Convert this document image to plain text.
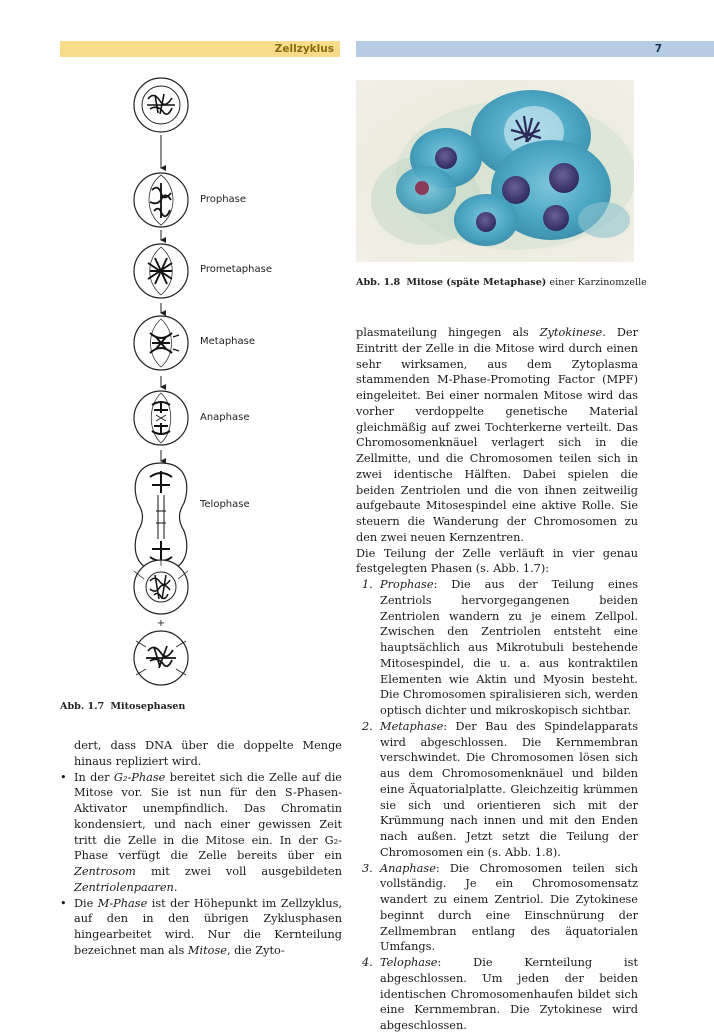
Zellzyklus	7
+
Prophase
Prometaphase
Metaphase
Anaphase
Telophase
Abb. 1.7 Mitosephasen
Abb. 1.8 Mitose (späte Metaphase) einer Karzinomzelle

dert, dass DNA über die doppelte Menge hinaus repliziert wird.

• In der G₂-Phase bereitet sich die Zelle auf die Mitose vor. Sie ist nun für den S-Phasen-Aktivator unempfindlich. Das Chromatin kondensiert, und nach einer gewissen Zeit tritt die Zelle in die Mitose ein. In der G₂-Phase verfügt die Zelle bereits über ein Zentrosom mit zwei voll ausgebildeten Zentriolenpaaren.
• Die M-Phase ist der Höhepunkt im Zellzyklus, auf den in den übrigen Zyklusphasen hingearbeitet wird. Nur die Kernteilung bezeichnet man als Mitose, die Zyto-

plasmateilung hingegen als Zytokinese. Der Eintritt der Zelle in die Mitose wird durch einen sehr wirksamen, aus dem Zytoplasma stammenden M-Phase-Promoting Factor (MPF) eingeleitet. Bei einer normalen Mitose wird das vorher verdoppelte genetische Material gleichmäßig auf zwei Tochterkerne verteilt. Das Chromosomenknäuel verlagert sich in die Zellmitte, und die Chromosomen teilen sich in zwei identische Hälften. Dabei spielen die beiden Zentriolen und die von ihnen zeitweilig aufgebaute Mitosespindel eine aktive Rolle. Sie steuern die Wanderung der Chromosomen zu den zwei neuen Kernzentren.

Die Teilung der Zelle verläuft in vier genau festgelegten Phasen (s. Abb. 1.7):

1. Prophase: Die aus der Teilung eines Zentriols hervorgegangenen beiden Zentriolen wandern zu je einem Zellpol. Zwischen den Zentriolen entsteht eine hauptsächlich aus Mikrotubuli bestehende Mitosespindel, die u. a. aus kontraktilen Elementen wie Aktin und Myosin besteht. Die Chromosomen spiralisieren sich, werden optisch dichter und mikroskopisch sichtbar.
2. Metaphase: Der Bau des Spindelapparats wird abgeschlossen. Die Kernmembran verschwindet. Die Chromosomen lösen sich aus dem Chromosomenknäuel und bilden eine Äquatorialplatte. Gleichzeitig krümmen sie sich und orientieren sich mit der Krümmung nach innen und mit den Enden nach außen. Jetzt setzt die Teilung der Chromosomen ein (s. Abb. 1.8).
3. Anaphase: Die Chromosomen teilen sich vollständig. Je ein Chromosomensatz wandert zu einem Zentriol. Die Zytokinese beginnt durch eine Einschnürung der Zellmembran entlang des äquatorialen Umfangs.
4. Telophase: Die Kernteilung ist abgeschlossen. Um jeden der beiden identischen Chromosomenhaufen bildet sich eine Kernmembran. Die Zytokinese wird abgeschlossen.
